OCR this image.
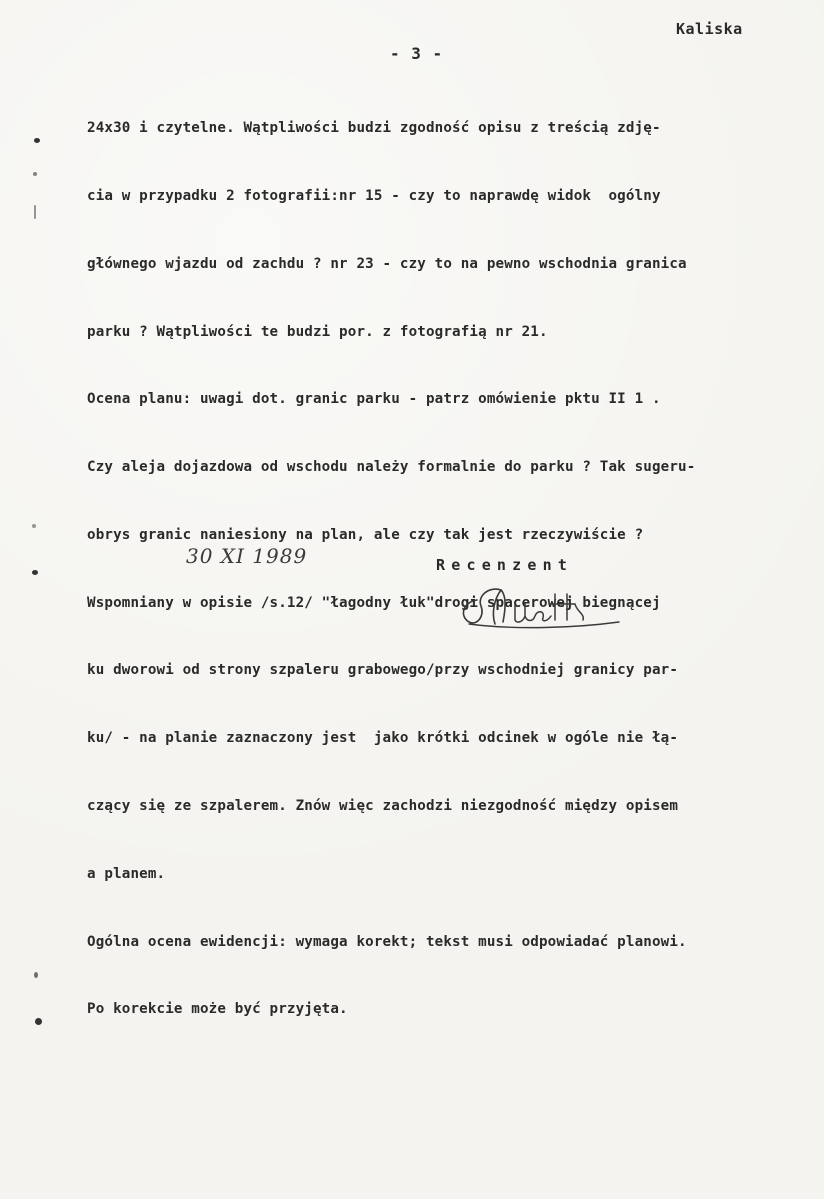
Kaliska
- 3 -

24x30 i czytelne. Wątpliwości budzi zgodność opisu z treścią zdję-

cia w przypadku 2 fotografii:nr 15 - czy to naprawdę widok  ogólny

głównego wjazdu od zachdu ? nr 23 - czy to na pewno wschodnia granica

parku ? Wątpliwości te budzi por. z fotografią nr 21.

Ocena planu: uwagi dot. granic parku - patrz omówienie pktu II 1 .

Czy aleja dojazdowa od wschodu należy formalnie do parku ? Tak sugeru-

obrys granic naniesiony na plan, ale czy tak jest rzeczywiście ?

Wspomniany w opisie /s.12/ "łagodny łuk"drogi spacerowej biegnącej

ku dworowi od strony szpaleru grabowego/przy wschodniej granicy par-

ku/ - na planie zaznaczony jest  jako krótki odcinek w ogóle nie łą-

czący się ze szpalerem. Znów więc zachodzi niezgodność między opisem

a planem.

Ogólna ocena ewidencji: wymaga korekt; tekst musi odpowiadać planowi.

Po korekcie może być przyjęta.

30 XI 1989	Recenzent
